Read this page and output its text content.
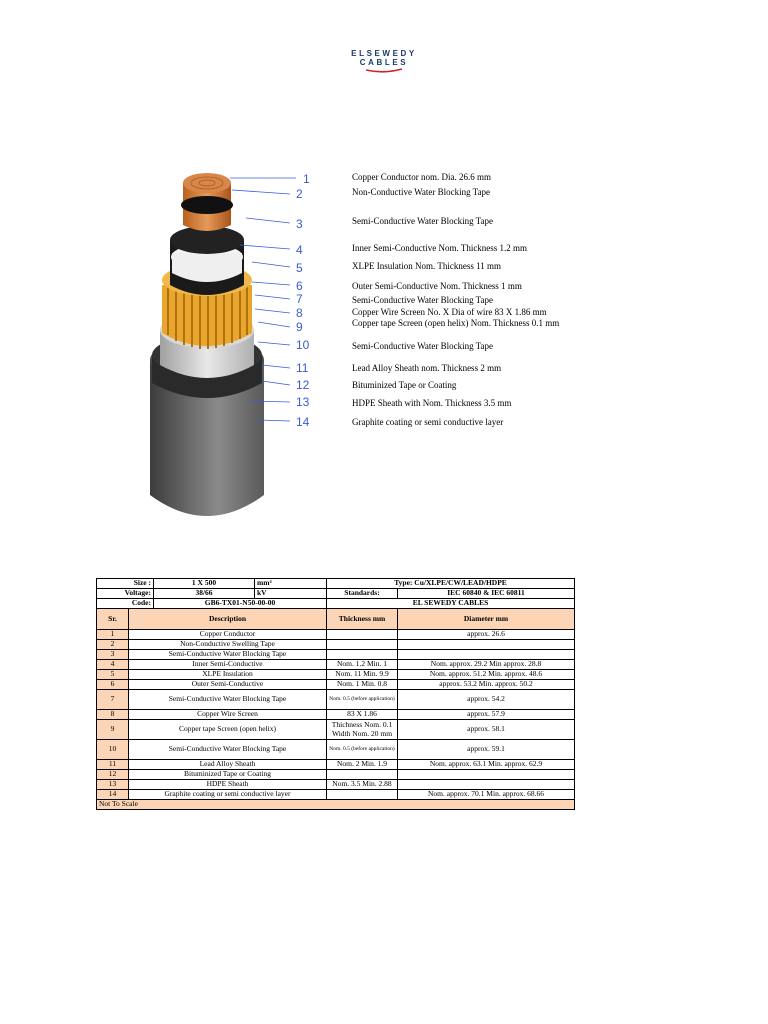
ELSEWEDY
CABLES
1
2
3
4
5
6
7
8
9
10
11
12
13
14
Copper Conductor nom. Dia. 26.6 mm
Non-Conductive Water Blocking Tape
Semi-Conductive Water Blocking Tape
Inner Semi-Conductive Nom. Thickness 1.2 mm
XLPE Insulation Nom. Thickness 11 mm
Outer Semi-Conductive Nom. Thickness 1 mm
Semi-Conductive Water Blocking Tape
Copper Wire Screen No. X Dia of wire 83 X 1.86 mm
Copper tape Screen (open helix) Nom. Thickness 0.1 mm
Semi-Conductive Water Blocking Tape
Lead Alloy Sheath nom. Thickness 2 mm
Bituminized Tape or Coating
HDPE Sheath with Nom. Thickness 3.5 mm
Graphite coating or semi conductive layer
Size :	1 X 500	mm²
		Type: Cu/XLPE/CW/LEAD/HDPE

Voltage:	38/66	kV
		Standards:	IEC 60840 & IEC 60811

Code:	GB6-TX01-N50-00-00
		EL SEWEDY CABLES
Sr.	Description	Thickness mm	Diameter mm
1	Copper Conductor		approx. 26.6
2	Non-Conductive Swelling Tape		
3	Semi-Conductive Water Blocking Tape		
4	Inner Semi-Conductive	Nom. 1.2 Min. 1	Nom. approx. 29.2 Min approx. 28.8
5	XLPE Insulation	Nom. 11 Min. 9.9	Nom. approx. 51.2 Min. approx. 48.6
6	Outer Semi-Conductive	Nom. 1 Min. 0.8	approx. 53.2 Min. approx. 50.2
7	Semi-Conductive Water Blocking Tape	Nom. 0.5 (before application)	approx. 54.2
8	Copper Wire Screen	83 X 1.86	approx. 57.9
9	Copper tape Screen (open helix)	Thichness Nom. 0.1 Width Nom. 20 mm	approx. 58.1
10	Semi-Conductive Water Blocking Tape	Nom. 0.5 (before application)	approx. 59.1
11	Lead Alloy Sheath	Nom. 2 Min. 1.9	Nom. approx. 63.1 Min. approx. 62.9
12	Bituminized Tape or Coating		
13	HDPE Sheath	Nom. 3.5 Min. 2.88	
14	Graphite coating or semi conductive layer		Nom. approx. 70.1 Min. approx. 68.66
Not To Scale
